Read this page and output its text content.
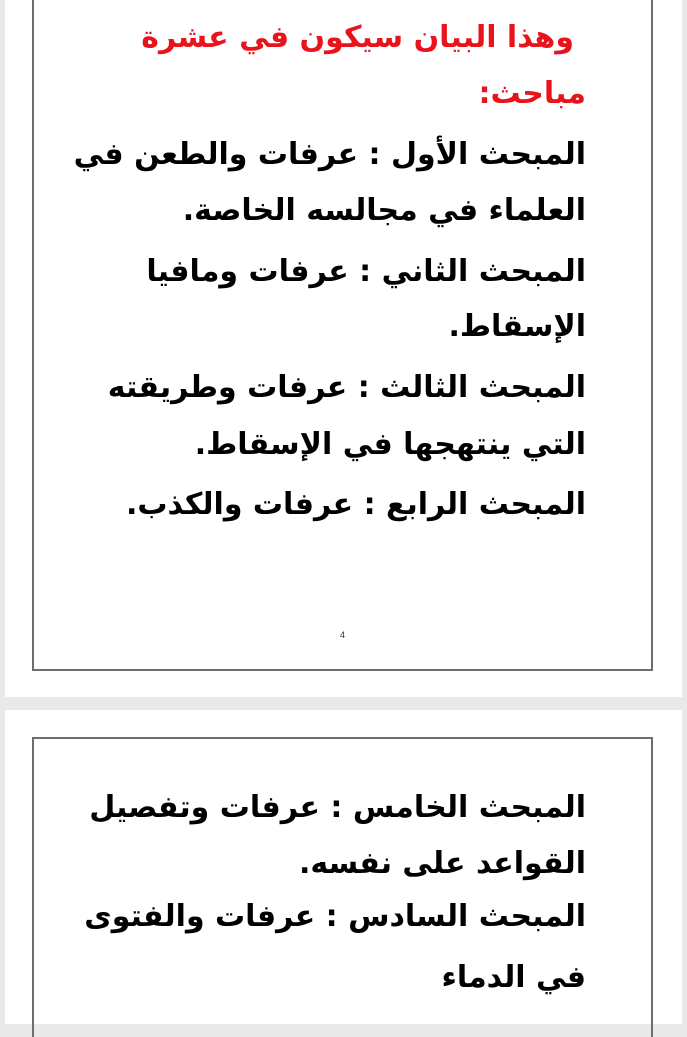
وهذا البيان سيكون في عشرة
مباحث:
المبحث الأول : عرفات والطعن في
العلماء في مجالسه الخاصة.
المبحث الثاني : عرفات ومافيا
الإسقاط.
المبحث الثالث : عرفات وطريقته
التي ينتهجها في الإسقاط.
المبحث الرابع : عرفات والكذب.
4
المبحث الخامس : عرفات وتفصيل
القواعد على نفسه.
المبحث السادس : عرفات والفتوى
في الدماء
